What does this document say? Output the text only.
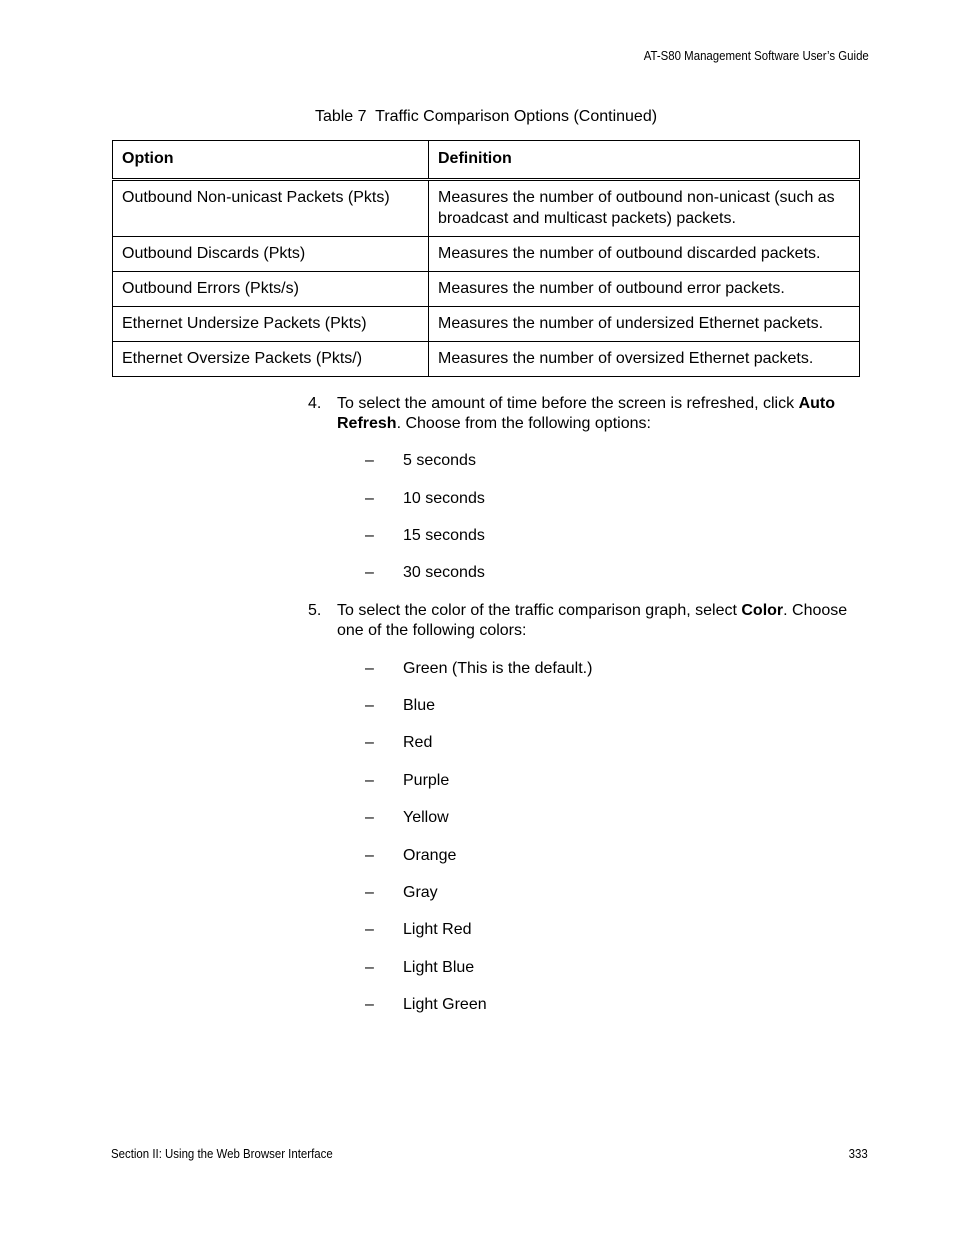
AT-S80 Management Software User’s Guide
Table 7  Traffic Comparison Options (Continued)
Option	Definition
Outbound Non-unicast Packets (Pkts)	Measures the number of outbound non-unicast (such as broadcast and multicast packets) packets.
Outbound Discards (Pkts)	Measures the number of outbound discarded packets.
Outbound Errors (Pkts/s)	Measures the number of outbound error packets.
Ethernet Undersize Packets (Pkts)	Measures the number of undersized Ethernet packets.
Ethernet Oversize Packets (Pkts/)	Measures the number of oversized Ethernet packets.
4. To select the amount of time before the screen is refreshed, click Auto Refresh. Choose from the following options:
– 5 seconds
– 10 seconds
– 15 seconds
– 30 seconds
5. To select the color of the traffic comparison graph, select Color. Choose one of the following colors:
– Green (This is the default.)
– Blue
– Red
– Purple
– Yellow
– Orange
– Gray
– Light Red
– Light Blue
– Light Green
Section II: Using the Web Browser Interface	333
